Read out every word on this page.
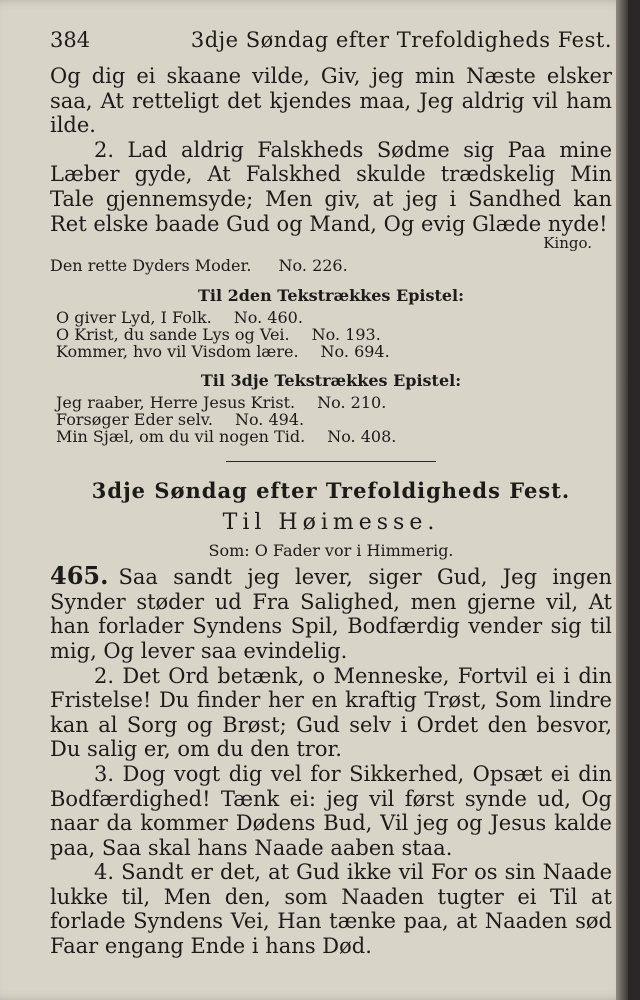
384	3dje Søndag efter Trefoldigheds Fest.

Og dig ei skaane vilde, Giv, jeg min Næste elsker saa, At retteligt det kjendes maa, Jeg aldrig vil ham ilde.

2. Lad aldrig Falskheds Sødme sig Paa mine Læber gyde, At Falskhed skulde trædskelig Min Tale gjennemsyde; Men giv, at jeg i Sandhed kan Ret elske baade Gud og Mand, Og evig Glæde nyde!

Kingo.
Den rette Dyders Moder. No. 226.
Til 2den Tekstrækkes Epistel:
O giver Lyd, I Folk. No. 460.
O Krist, du sande Lys og Vei. No. 193.
Kommer, hvo vil Visdom lære. No. 694.
Til 3dje Tekstrækkes Epistel:
Jeg raaber, Herre Jesus Krist. No. 210.
Forsøger Eder selv. No. 494.
Min Sjæl, om du vil nogen Tid. No. 408.
3dje Søndag efter Trefoldigheds Fest.
Til Høimesse.
Som: O Fader vor i Himmerig.

465. Saa sandt jeg lever, siger Gud, Jeg ingen Synder støder ud Fra Salighed, men gjerne vil, At han forlader Syndens Spil, Bodfærdig vender sig til mig, Og lever saa evindelig.

2. Det Ord betænk, o Menneske, Fortvil ei i din Fristelse! Du finder her en kraftig Trøst, Som lindre kan al Sorg og Brøst; Gud selv i Ordet den besvor, Du salig er, om du den tror.

3. Dog vogt dig vel for Sikkerhed, Opsæt ei din Bodfærdighed! Tænk ei: jeg vil først synde ud, Og naar da kommer Dødens Bud, Vil jeg og Jesus kalde paa, Saa skal hans Naade aaben staa.

4. Sandt er det, at Gud ikke vil For os sin Naade lukke til, Men den, som Naaden tugter ei Til at forlade Syndens Vei, Han tænke paa, at Naaden sød Faar engang Ende i hans Død.
